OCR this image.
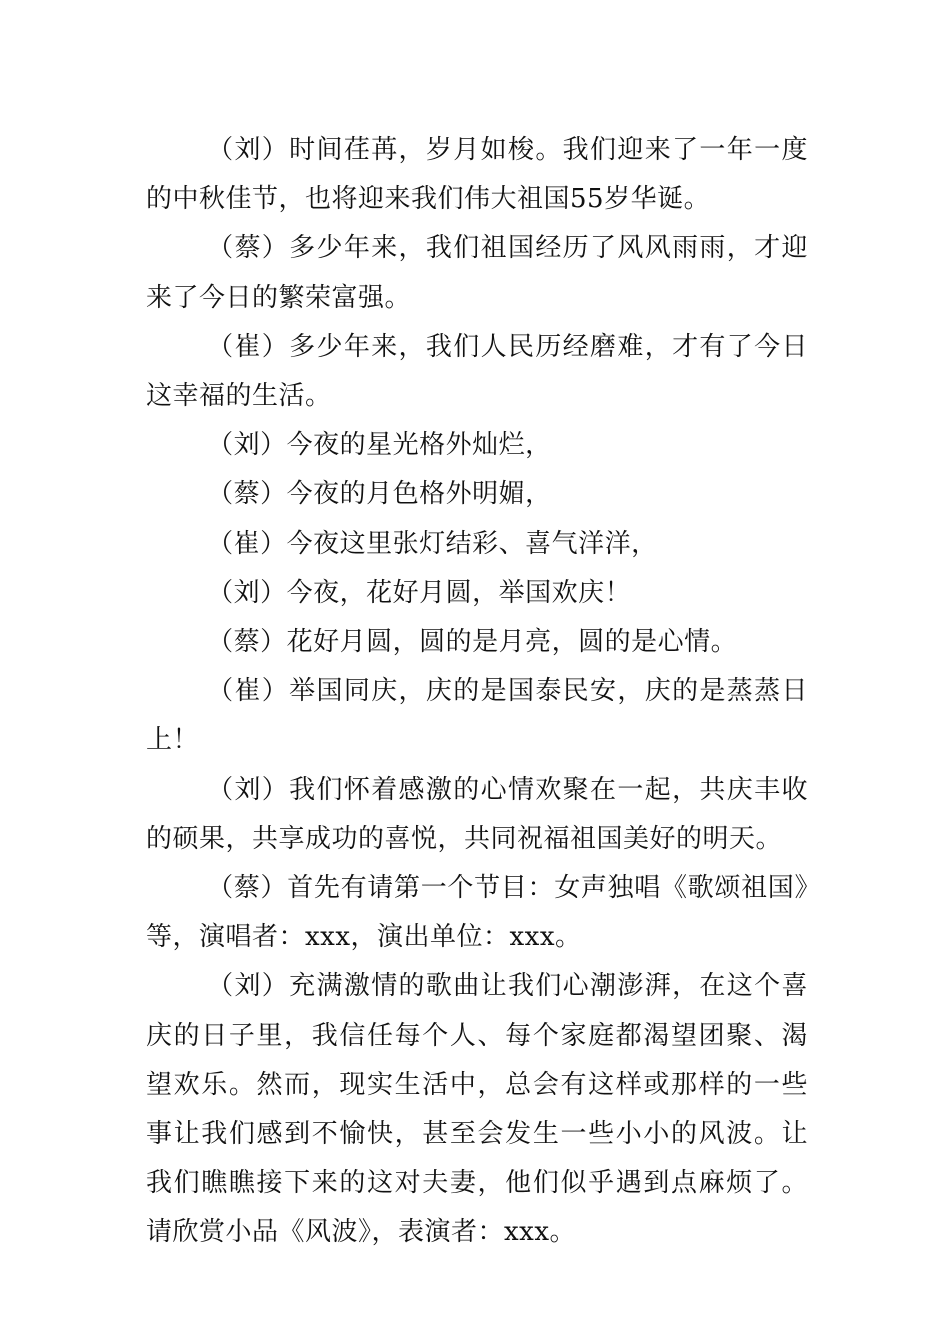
（刘）时间荏苒，岁月如梭。我们迎来了一年一度的中秋佳节，也将迎来我们伟大祖国55岁华诞。

（蔡）多少年来，我们祖国经历了风风雨雨，才迎来了今日的繁荣富强。

（崔）多少年来，我们人民历经磨难，才有了今日这幸福的生活。

（刘）今夜的星光格外灿烂，

（蔡）今夜的月色格外明媚，

（崔）今夜这里张灯结彩、喜气洋洋，

（刘）今夜，花好月圆，举国欢庆！

（蔡）花好月圆，圆的是月亮，圆的是心情。

（崔）举国同庆，庆的是国泰民安，庆的是蒸蒸日上！

（刘）我们怀着感激的心情欢聚在一起，共庆丰收的硕果，共享成功的喜悦，共同祝福祖国美好的明天。

（蔡）首先有请第一个节目：女声独唱《歌颂祖国》等，演唱者：xxx，演出单位：xxx。

（刘）充满激情的歌曲让我们心潮澎湃，在这个喜庆的日子里，我信任每个人、每个家庭都渴望团聚、渴望欢乐。然而，现实生活中，总会有这样或那样的一些事让我们感到不愉快，甚至会发生一些小小的风波。让我们瞧瞧接下来的这对夫妻，他们似乎遇到点麻烦了。请欣赏小品《风波》，表演者：xxx。
